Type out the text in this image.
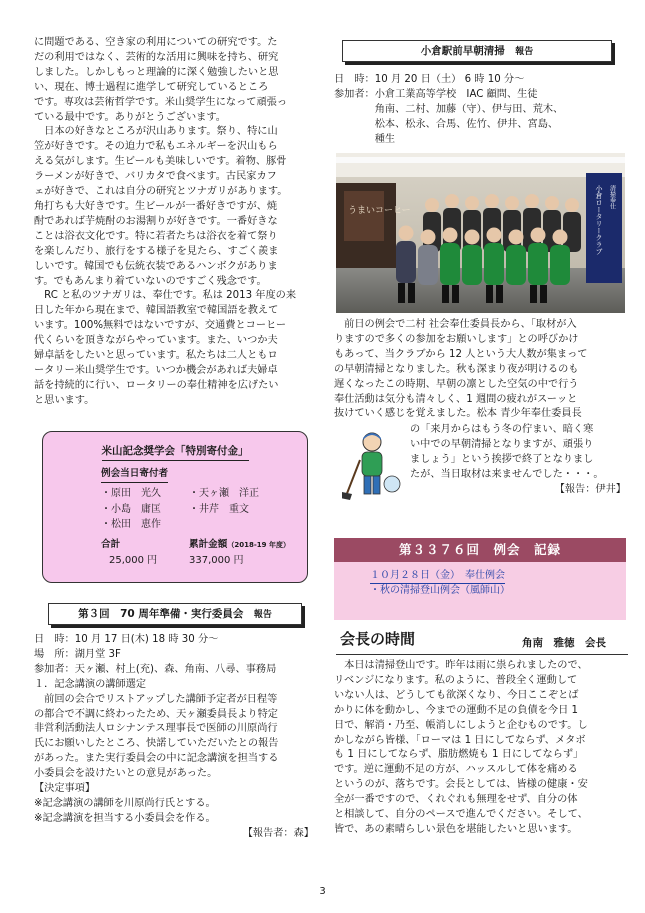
に問題である、空き家の利用についての研究です。た
だの利用ではなく、芸術的な活用に興味を持ち、研究
しました。しかしもっと理論的に深く勉強したいと思
い、現在、博士過程に進学して研究しているところ
です。専攻は芸術哲学です。米山奨学生になって頑張っ
ている最中です。ありがとうございます。
　日本の好きなところが沢山あります。祭り、特に山
笠が好きです。その迫力で私もエネルギーを沢山もら
える気がします。生ビールも美味しいです。着物、豚骨
ラーメンが好きで、バリカタで食べます。古民家カフ
ェが好きで、これは自分の研究とツナガリがあります。
角打ちも大好きです。生ビールが一番好きですが、焼
酎であれば芋焼酎のお湯割りが好きです。一番好きな
ことは浴衣文化です。特に若者たちは浴衣を着て祭り
を楽しんだり、旅行をする様子を見たら、すごく羨ま
しいです。韓国でも伝統衣装であるハンボクがありま
す。でもあんまり着ていないのですごく残念です。
　RC と私のツナガリは、奉仕です。私は 2013 年度の来
日した年から現在まで、韓国語教室で韓国語を教えて
います。100%無料ではないですが、交通費とコーヒー
代くらいを頂きながらやっています。また、いつか夫
婦卓話をしたいと思っています。私たちは二人ともロ
ータリー米山奨学生です。いつか機会があれば夫婦卓
話を持続的に行い、ロータリーの奉仕精神を広げたい
と思います。
米山記念奨学会「特別寄付金」
例会当日寄付者
・原田　光久	・天ヶ瀬　洋正
・小島　庸匡	・井芹　重文
・松田　恵作
合計	累計金額（2018-19 年度）
25,000 円	337,000 円
第３回　70 周年準備・実行委員会　 報告
日　時：10 月 17 日(木) 18 時 30 分～
場　所：湖月堂 3F
参加者：天ヶ瀬、村上(充)、森、角南、八尋、事務局
１．記念講演の講師選定
　前回の会合でリストアップした講師予定者が日程等
の都合で不調に終わったため、天ヶ瀬委員長より特定
非営利活動法人ロシナンテス理事長で医師の川原尚行
氏にお願いしたところ、快諾していただいたとの報告
があった。また実行委員会の中に記念講演を担当する
小委員会を設けたいとの意見があった。
【決定事項】
※記念講演の講師を川原尚行氏とする。
※記念講演を担当する小委員会を作る。
【報告者：森】
小倉駅前早朝清掃　 報告
日　時：10 月 20 日（土） 6 時 10 分～
参加者：小倉工業高等学校　IAC 顧問、生徒
　　　　角南、二村、加藤（守）、伊与田、荒木、
　　　　松本、松永、合馬、佐竹、伊井、宮島、
　　　　種生
うまいコーヒー	小倉ロータリークラブ 清掃奉仕
　前日の例会で二村 社会奉仕委員長から、「取材が入
りますので多くの参加をお願いします」との呼びかけ
もあって、当クラブから 12 人という大人数が集まって
の早朝清掃となりました。秋も深まり夜が明けるのも
遅くなったこの時期、早朝の凛とした空気の中で行う
奉仕活動は気分も清々しく、1 週間の疲れがスーッと
抜けていく感じを覚えました。松本 青少年奉仕委員長
の「来月からはもう冬の佇まい、暗く寒
い中での早朝清掃となりますが、頑張り
ましょう」という挨拶で終了となりまし
たが、当日取材は来ませんでした・・・。
【報告：伊井】
第３３７６回　例会　記録
１０月２８日（金）　奉仕例会
・秋の清掃登山例会（風師山）
会長の時間	角南　雅徳　会長
　本日は清掃登山です。昨年は雨に祟られましたので、
リベンジになります。私のように、普段全く運動して
いない人は、どうしても欲深くなり、今日ここぞとば
かりに体を動かし、今までの運動不足の負債を今日 1
日で、解消・乃至、帳消しにしようと企むものです。し
かしながら皆様、「ローマは 1 日にしてならず、メタボ
も 1 日にしてならず、脂肪燃焼も 1 日にしてならず」
です。逆に運動不足の方が、ハッスルして体を痛める
というのが、落ちです。会長としては、皆様の健康・安
全が一番ですので、くれぐれも無理をせず、自分の体
と相談して、自分のペースで進んでください。そして、
皆で、あの素晴らしい景色を堪能したいと思います。
3
